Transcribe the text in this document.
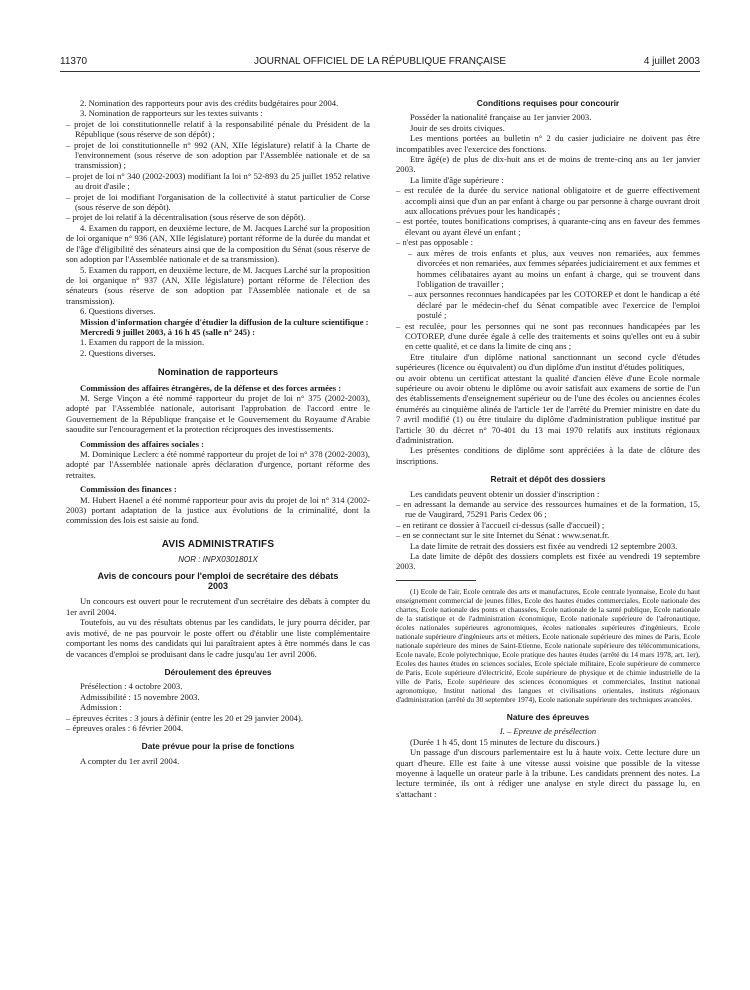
11370	JOURNAL OFFICIEL DE LA RÉPUBLIQUE FRANÇAISE	4 juillet 2003

2. Nomination des rapporteurs pour avis des crédits budgétaires pour 2004.

3. Nomination de rapporteurs sur les textes suivants :

– projet de loi constitutionnelle relatif à la responsabilité pénale du Président de la République (sous réserve de son dépôt) ;

– projet de loi constitutionnelle n° 992 (AN, XIIe législature) relatif à la Charte de l'environnement (sous réserve de son adoption par l'Assemblée nationale et de sa transmission) ;

– projet de loi n° 340 (2002-2003) modifiant la loi n° 52-893 du 25 juillet 1952 relative au droit d'asile ;

– projet de loi modifiant l'organisation de la collectivité à statut particulier de Corse (sous réserve de son dépôt).

– projet de loi relatif à la décentralisation (sous réserve de son dépôt).

4. Examen du rapport, en deuxième lecture, de M. Jacques Larché sur la proposition de loi organique n° 936 (AN, XIIe législature) portant réforme de la durée du mandat et de l'âge d'éligibilité des sénateurs ainsi que de la composition du Sénat (sous réserve de son adoption par l'Assemblée nationale et de sa transmission).

5. Examen du rapport, en deuxième lecture, de M. Jacques Larché sur la proposition de loi organique n° 937 (AN, XIIe législature) portant réforme de l'élection des sénateurs (sous réserve de son adoption par l'Assemblée nationale et de sa transmission).

6. Questions diverses.

Mission d'information chargée d'étudier la diffusion de la culture scientifique :

Mercredi 9 juillet 2003, à 16 h 45 (salle n° 245) :

1. Examen du rapport de la mission.

2. Questions diverses.

Nomination de rapporteurs

Commission des affaires étrangères, de la défense et des forces armées :

M. Serge Vinçon a été nommé rapporteur du projet de loi n° 375 (2002-2003), adopté par l'Assemblée nationale, autorisant l'approbation de l'accord entre le Gouvernement de la République française et le Gouvernement du Royaume d'Arabie saoudite sur l'encouragement et la protection réciproques des investissements.

Commission des affaires sociales :

M. Dominique Leclerc a été nommé rapporteur du projet de loi n° 378 (2002-2003), adopté par l'Assemblée nationale après déclaration d'urgence, portant réforme des retraites.

Commission des finances :

M. Hubert Haenel a été nommé rapporteur pour avis du projet de loi n° 314 (2002-2003) portant adaptation de la justice aux évolutions de la criminalité, dont la commission des lois est saisie au fond.

AVIS ADMINISTRATIFS

NOR : INPX0301801X

Avis de concours pour l'emploi de secrétaire des débats 2003

Un concours est ouvert pour le recrutement d'un secrétaire des débats à compter du 1er avril 2004.

Toutefois, au vu des résultats obtenus par les candidats, le jury pourra décider, par avis motivé, de ne pas pourvoir le poste offert ou d'établir une liste complémentaire comportant les noms des candidats qui lui paraîtraient aptes à être nommés dans le cas de vacances d'emploi se produisant dans le cadre jusqu'au 1er avril 2006.

Déroulement des épreuves

Présélection : 4 octobre 2003.

Admissibilité : 15 novembre 2003.

Admission :

– épreuves écrites : 3 jours à définir (entre les 20 et 29 janvier 2004).

– épreuves orales : 6 février 2004.

Date prévue pour la prise de fonctions

A compter du 1er avril 2004.

Conditions requises pour concourir

Posséder la nationalité française au 1er janvier 2003.

Jouir de ses droits civiques.

Les mentions portées au bulletin n° 2 du casier judiciaire ne doivent pas être incompatibles avec l'exercice des fonctions.

Etre âgé(e) de plus de dix-huit ans et de moins de trente-cinq ans au 1er janvier 2003.

La limite d'âge supérieure :

– est reculée de la durée du service national obligatoire et de guerre effectivement accompli ainsi que d'un an par enfant à charge ou par personne à charge ouvrant droit aux allocations prévues pour les handicapés ;

– est portée, toutes bonifications comprises, à quarante-cinq ans en faveur des femmes élevant ou ayant élevé un enfant ;

– n'est pas opposable :

– aux mères de trois enfants et plus, aux veuves non remariées, aux femmes divorcées et non remariées, aux femmes séparées judiciairement et aux femmes et hommes célibataires ayant au moins un enfant à charge, qui se trouvent dans l'obligation de travailler ;

– aux personnes reconnues handicapées par les COTOREP et dont le handicap a été déclaré par le médecin-chef du Sénat compatible avec l'exercice de l'emploi postulé ;

– est reculée, pour les personnes qui ne sont pas reconnues handicapées par les COTOREP, d'une durée égale à celle des traitements et soins qu'elles ont eu à subir en cette qualité, et ce dans la limite de cinq ans ;

Etre titulaire d'un diplôme national sanctionnant un second cycle d'études supérieures (licence ou équivalent) ou d'un diplôme d'un institut d'études politiques,

ou avoir obtenu un certificat attestant la qualité d'ancien élève d'une Ecole normale supérieure ou avoir obtenu le diplôme ou avoir satisfait aux examens de sortie de l'un des établissements d'enseignement supérieur ou de l'une des écoles ou anciennes écoles énumérés au cinquième alinéa de l'article 1er de l'arrêté du Premier ministre en date du 7 avril modifié (1) ou être titulaire du diplôme d'administration publique institué par l'article 30 du décret n° 70-401 du 13 mai 1970 relatifs aux instituts régionaux d'administration.

Les présentes conditions de diplôme sont appréciées à la date de clôture des inscriptions.

Retrait et dépôt des dossiers

Les candidats peuvent obtenir un dossier d'inscription :

– en adressant la demande au service des ressources humaines et de la formation, 15, rue de Vaugirard, 75291 Paris Cedex 06 ;

– en retirant ce dossier à l'accueil ci-dessus (salle d'accueil) ;

– en se connectant sur le site Internet du Sénat : www.senat.fr.

La date limite de retrait des dossiers est fixée au vendredi 12 septembre 2003.

La date limite de dépôt des dossiers complets est fixée au vendredi 19 septembre 2003.

(1) Ecole de l'air, Ecole centrale des arts et manufactures, Ecole centrale lyonnaise, Ecole du haut enseignement commercial de jeunes filles, Ecole des hautes études commerciales, Ecole nationale des chartes, Ecole nationale des ponts et chaussées, Ecole nationale de la santé publique, Ecole nationale de la statistique et de l'administration économique, Ecole nationale supérieure de l'aéronautique, écoles nationales supérieures agronomiques, écoles nationales supérieures d'ingénieurs, Ecole nationale supérieure d'ingénieurs arts et métiers, Ecole nationale supérieure des mines de Paris, Ecole nationale supérieure des mines de Saint-Etienne, Ecole nationale supérieure des télécommunications, Ecole navale, Ecole polytechnique, Ecole pratique des hautes études (arrêté du 14 mars 1978, art. 1er), Ecoles des hautes études en sciences sociales, Ecole spéciale militaire, Ecole supérieure de commerce de Paris, Ecole supérieure d'électricité, Ecole supérieure de physique et de chimie industrielle de la ville de Paris, Ecole supérieure des sciences économiques et commerciales, Institut national agronomique, Institut national des langues et civilisations orientales, instituts régionaux d'administration (arrêté du 30 septembre 1974), Ecole nationale supérieure des techniques avancées.

Nature des épreuves

I. – Epreuve de présélection

(Durée 1 h 45, dont 15 minutes de lecture du discours.)

Un passage d'un discours parlementaire est lu à haute voix. Cette lecture dure un quart d'heure. Elle est faite à une vitesse aussi voisine que possible de la vitesse moyenne à laquelle un orateur parle à la tribune. Les candidats prennent des notes. La lecture terminée, ils ont à rédiger une analyse en style direct du passage lu, en s'attachant :
